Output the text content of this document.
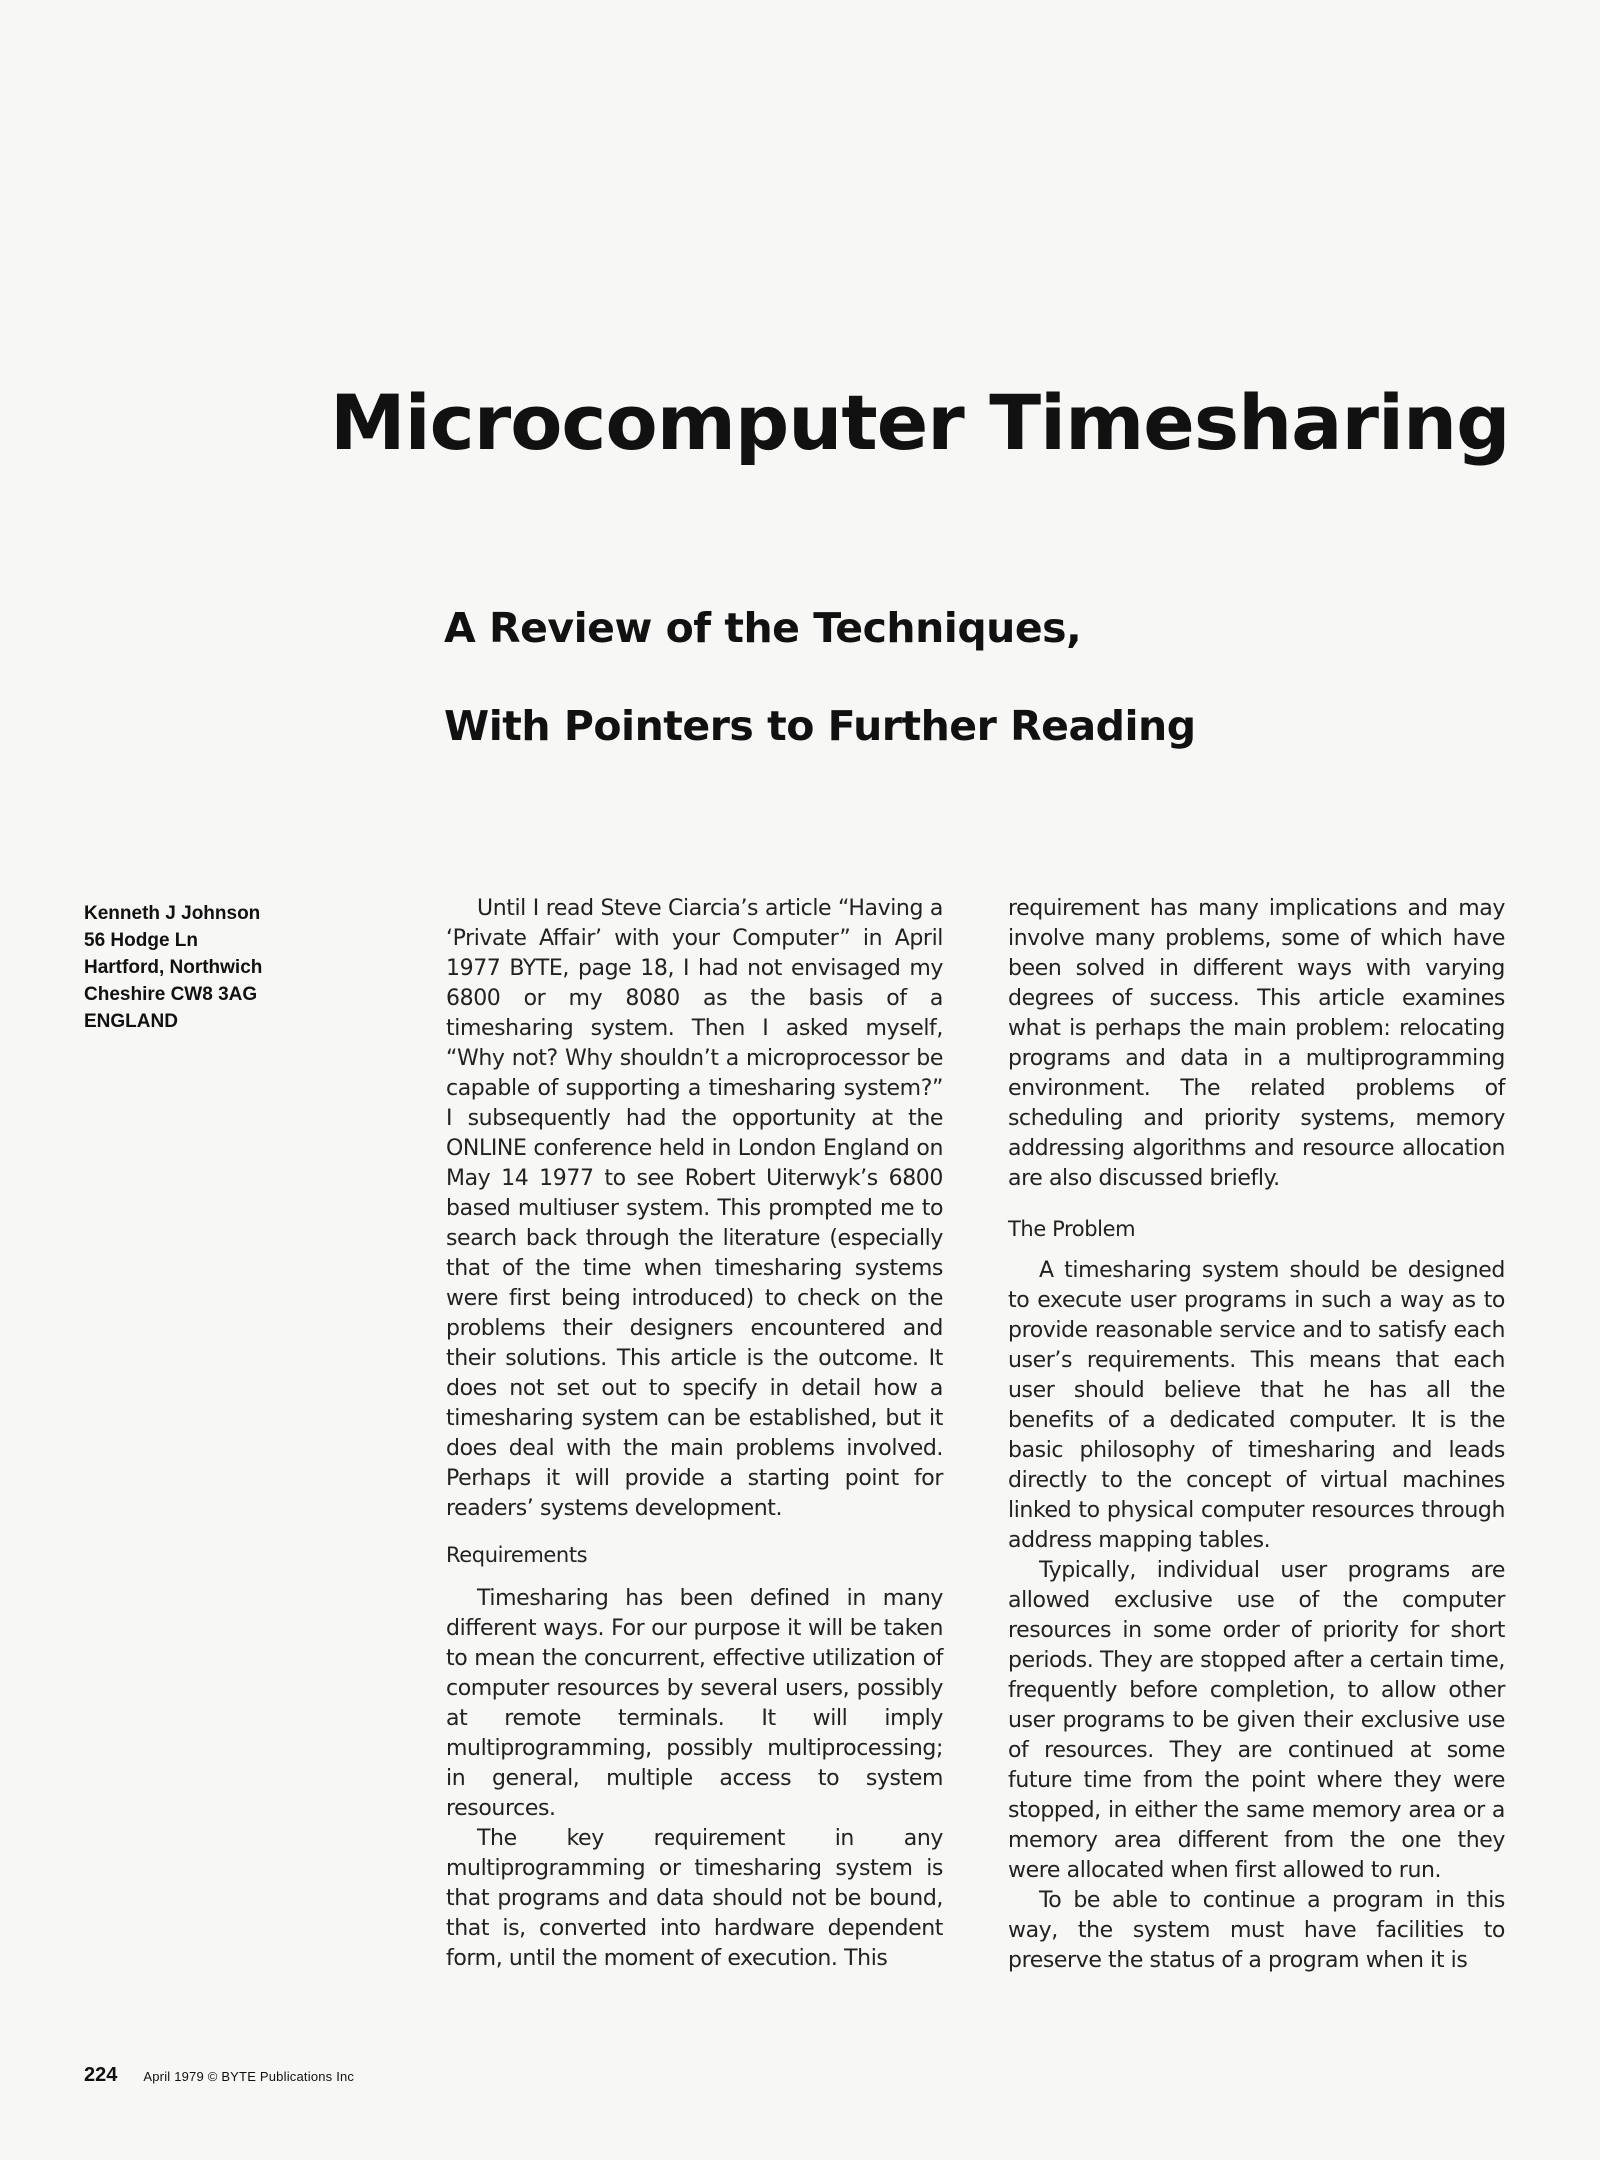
Microcomputer Timesharing
A Review of the Techniques,
With Pointers to Further Reading
Kenneth J Johnson
56 Hodge Ln
Hartford, Northwich
Cheshire CW8 3AG
ENGLAND

Until I read Steve Ciarcia’s article “Having a ‘Private Affair’ with your Computer” in April 1977 BYTE, page 18, I had not envisaged my 6800 or my 8080 as the basis of a timesharing system. Then I asked myself, “Why not? Why shouldn’t a microprocessor be capable of supporting a timesharing system?” I subsequently had the opportunity at the ONLINE conference held in London England on May 14 1977 to see Robert Uiterwyk’s 6800 based multiuser system. This prompted me to search back through the literature (especially that of the time when timesharing systems were first being introduced) to check on the problems their designers encountered and their solutions. This article is the outcome. It does not set out to specify in detail how a timesharing system can be established, but it does deal with the main problems involved. Perhaps it will provide a starting point for readers’ systems development.

Requirements

Timesharing has been defined in many different ways. For our purpose it will be taken to mean the concurrent, effective utilization of computer resources by several users, possibly at remote terminals. It will imply multiprogramming, possibly multiprocessing; in general, multiple access to system resources.

The key requirement in any multiprogramming or timesharing system is that programs and data should not be bound, that is, converted into hardware dependent form, until the moment of execution. This

requirement has many implications and may involve many problems, some of which have been solved in different ways with varying degrees of success. This article examines what is perhaps the main problem: relocating programs and data in a multiprogramming environment. The related problems of scheduling and priority systems, memory addressing algorithms and resource allocation are also discussed briefly.

The Problem

A timesharing system should be designed to execute user programs in such a way as to provide reasonable service and to satisfy each user’s requirements. This means that each user should believe that he has all the benefits of a dedicated computer. It is the basic philosophy of timesharing and leads directly to the concept of virtual machines linked to physical computer resources through address mapping tables.

Typically, individual user programs are allowed exclusive use of the computer resources in some order of priority for short periods. They are stopped after a certain time, frequently before completion, to allow other user programs to be given their exclusive use of resources. They are continued at some future time from the point where they were stopped, in either the same memory area or a memory area different from the one they were allocated when first allowed to run.

To be able to continue a program in this way, the system must have facilities to preserve the status of a program when it is

224 April 1979 © BYTE Publications Inc
